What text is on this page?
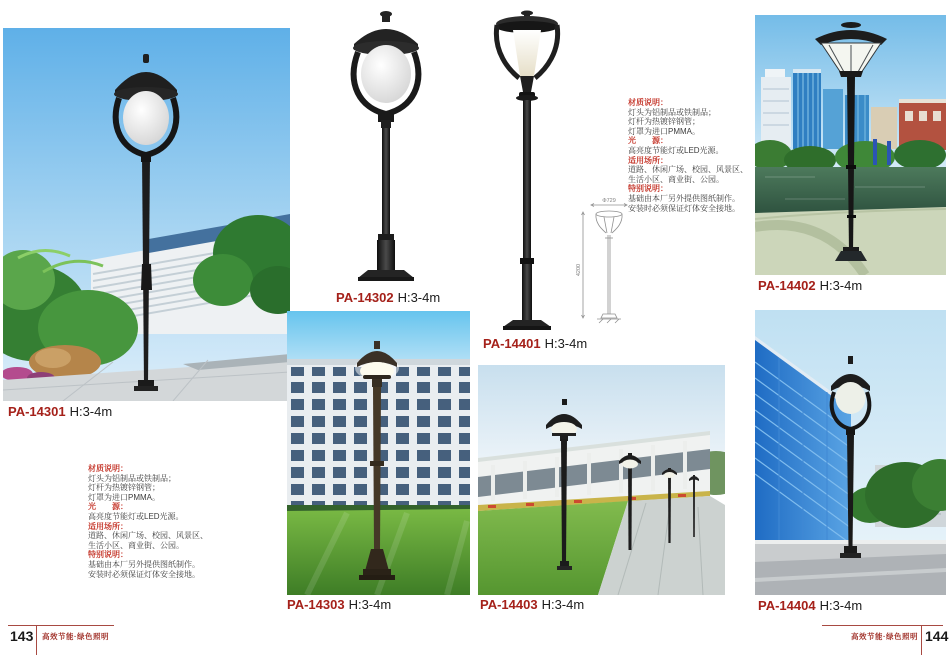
PA-14301 H:3-4m
材质说明：
灯头为铝制品或铁制品；
灯杆为热镀锌钢管；
灯罩为进口PMMA。
光　　源：
高亮度节能灯或LED光源。
适用场所：
道路、休闲广场、校园、风景区、
生活小区、商业街、公园。
特别说明：
基础由本厂另外提供图纸制作。
安装时必须保证灯体安全接地。
143 高效节能·绿色照明
PA-14302 H:3-4m
PA-14303 H:3-4m
Φ729
4200
PA-14401 H:3-4m
PA-14403 H:3-4m
材质说明：
灯头为铝制品或铁制品；
灯杆为热镀锌钢管；
灯罩为进口PMMA。
光　　源：
高亮度节能灯或LED光源。
适用场所：
道路、休闲广场、校园、风景区、
生活小区、商业街、公园。
特别说明：
基础由本厂另外提供图纸制作。
安装时必须保证灯体安全接地。
PA-14402 H:3-4m
PA-14404 H:3-4m
高效节能·绿色照明 144
